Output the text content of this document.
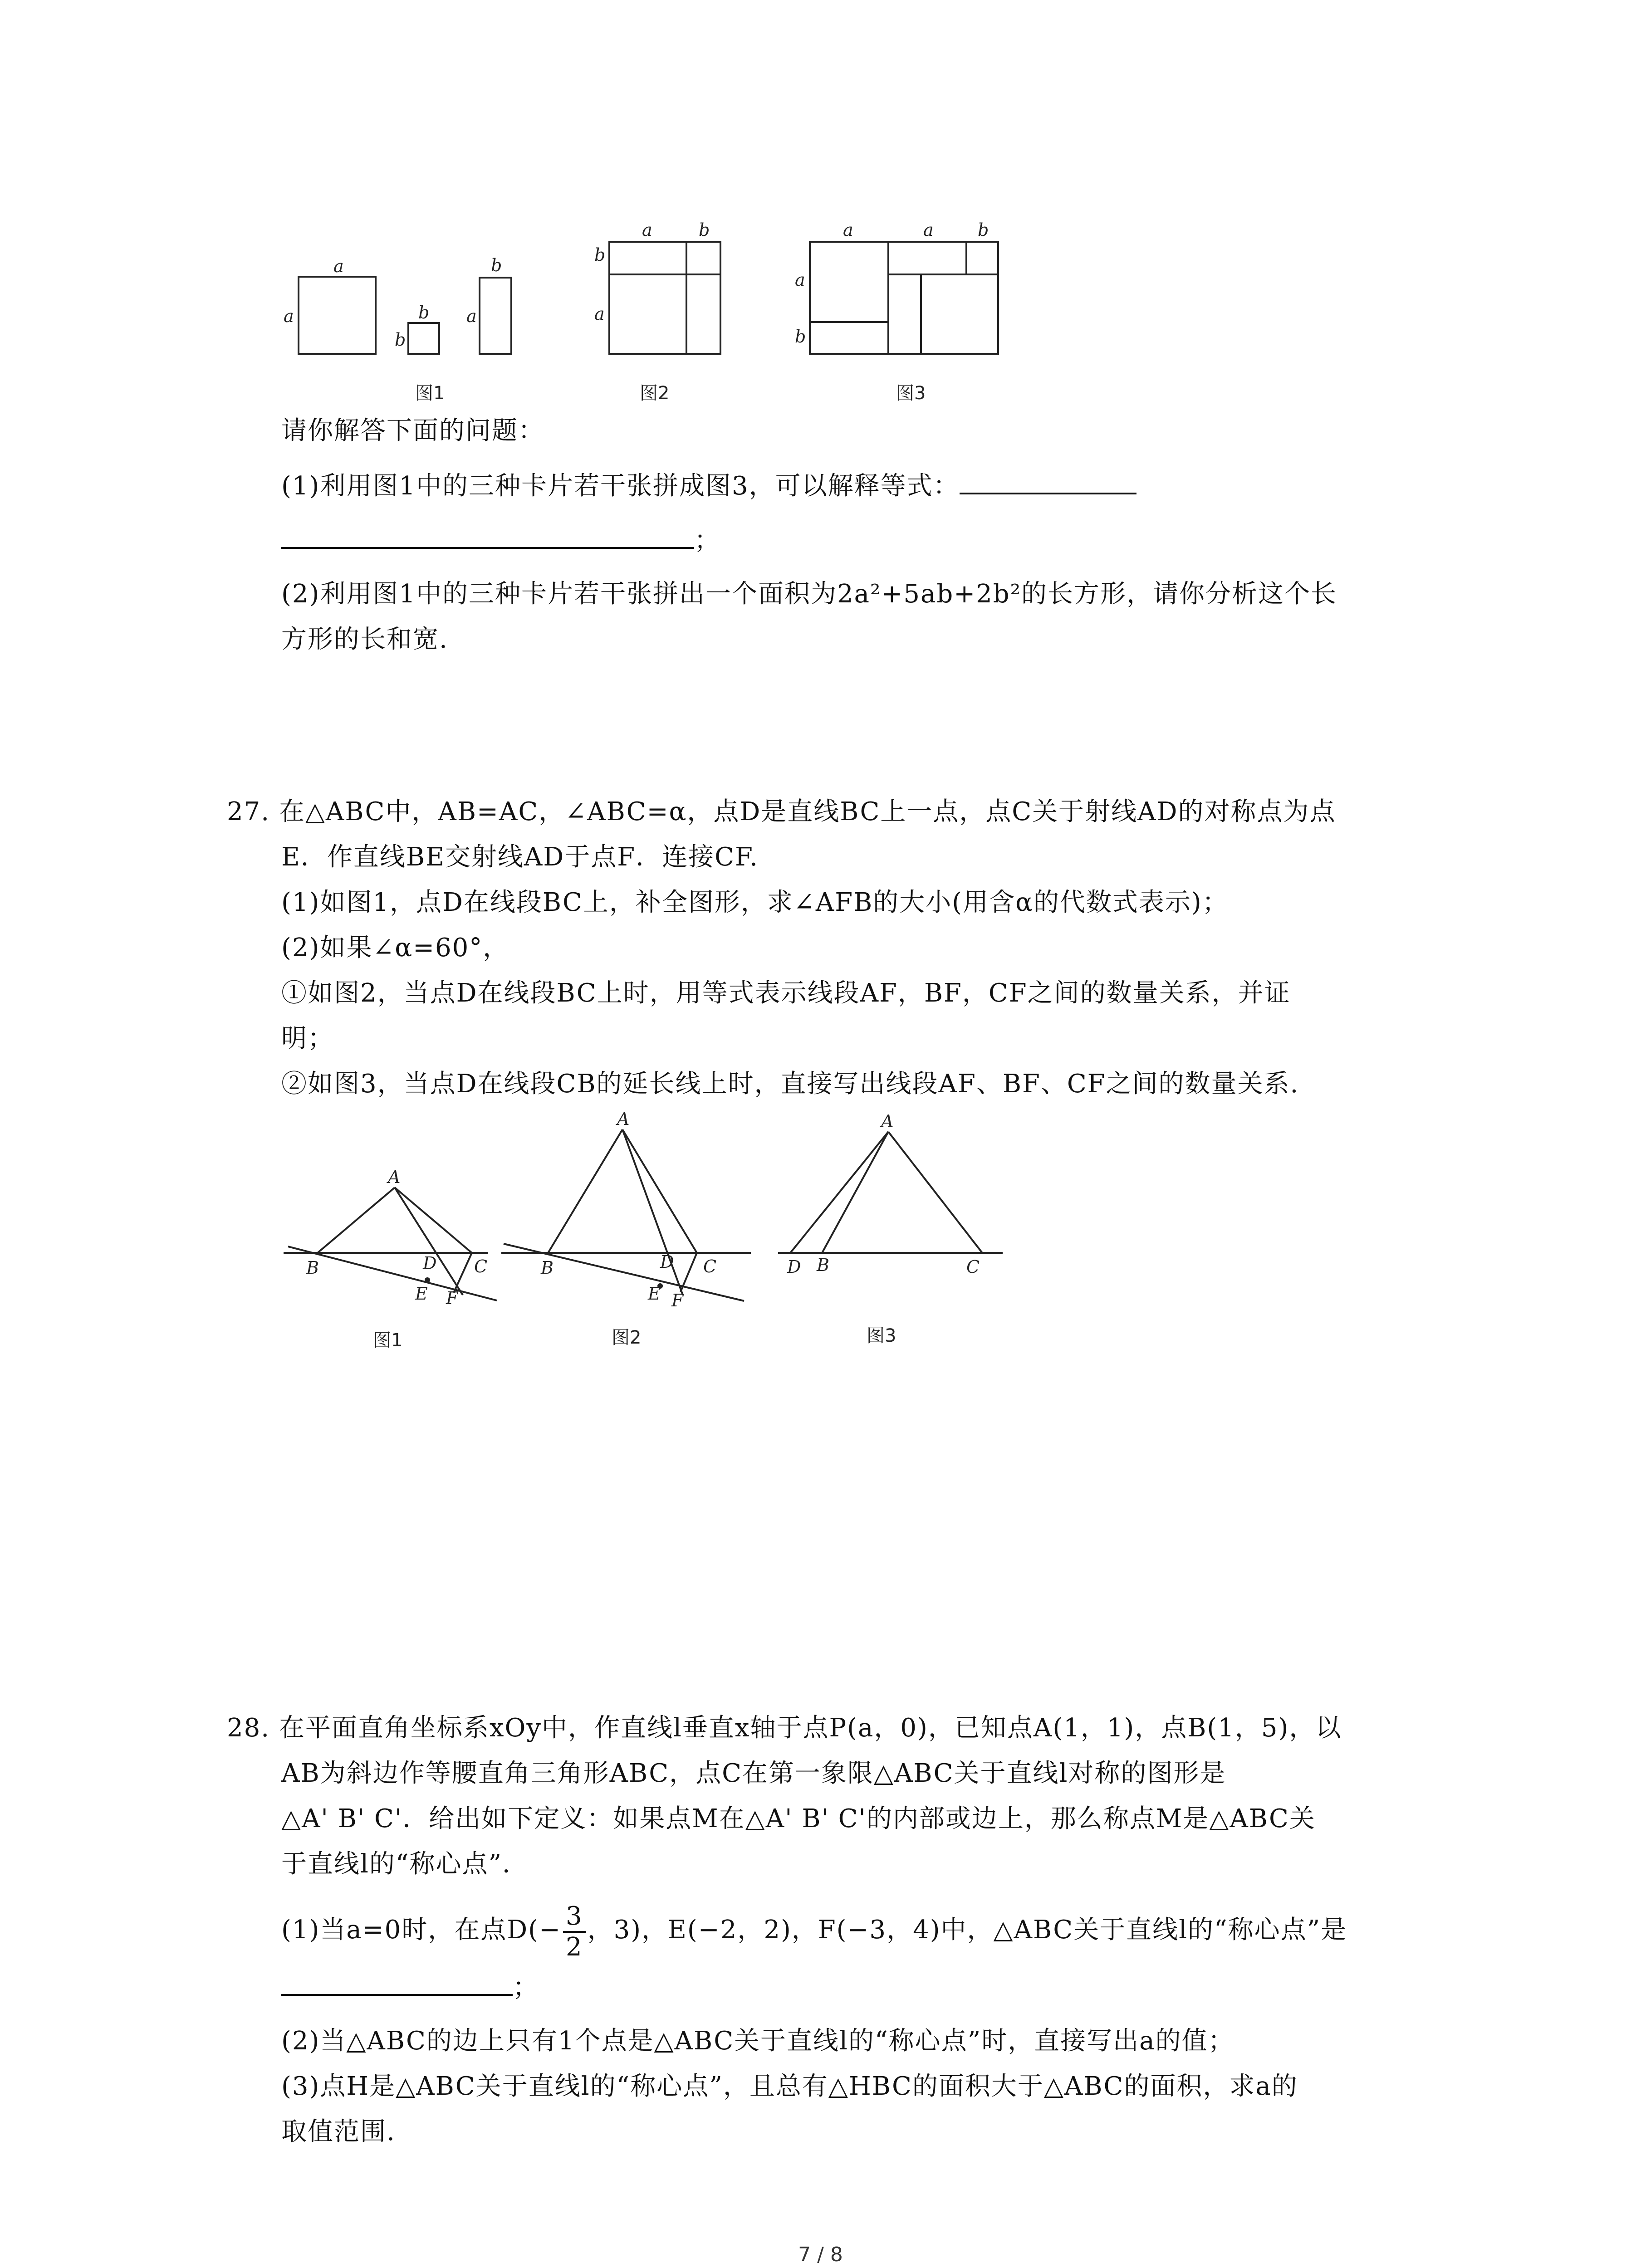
a
a	b
b
b
a
a	b
b
a
a	a	b
a
b
图1	图2	图3
请你解答下面的问题：
(1)利用图1中的三种卡片若干张拼成图3，可以解释等式：
；
(2)利用图1中的三种卡片若干张拼出一个面积为2a²+5ab+2b²的长方形，请你分析这个长
方形的长和宽.
27. 在△ABC中，AB=AC，∠ABC=α，点D是直线BC上一点，点C关于射线AD的对称点为点
E．作直线BE交射线AD于点F．连接CF.
(1)如图1，点D在线段BC上，补全图形，求∠AFB的大小(用含α的代数式表示)；
(2)如果∠α=60°，
①如图2，当点D在线段BC上时，用等式表示线段AF，BF，CF之间的数量关系，并证
明；
②如图3，当点D在线段CB的延长线上时，直接写出线段AF、BF、CF之间的数量关系.
A
B	D C
E F
A
B	D C
E F
A
D B	C
图1	图2	图3
28. 在平面直角坐标系xOy中，作直线l垂直x轴于点P(a，0)，已知点A(1，1)，点B(1，5)，以
AB为斜边作等腰直角三角形ABC，点C在第一象限△ABC关于直线l对称的图形是
△A' B' C'．给出如下定义：如果点M在△A' B' C'的内部或边上，那么称点M是△ABC关
于直线l的“称心点”．
(1)当a=0时，在点$D(- \frac{3}{2}$ ，3)，E(−2，2)，F(−3，4)中，△ABC关于直线l的“称心点”是
；
(2)当△ABC的边上只有1个点是△ABC关于直线l的“称心点”时，直接写出a的值；
(3)点H是△ABC关于直线l的“称心点”，且总有△HBC的面积大于△ABC的面积，求a的
取值范围.
7 / 8
